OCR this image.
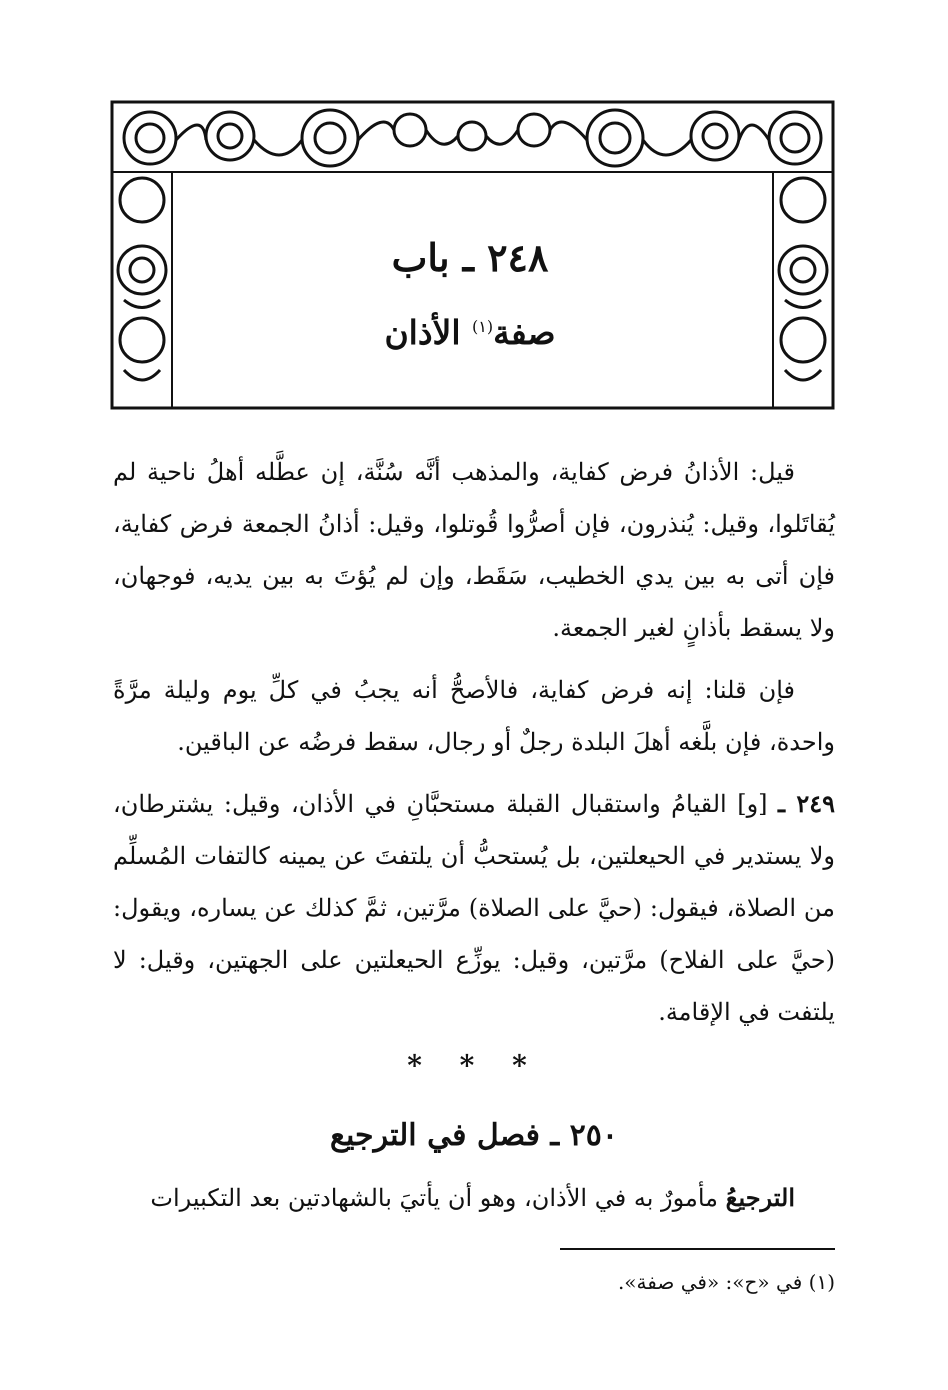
٢٤٨ ـ باب
صفة$^{(١)}$ الأذان

قيل: الأذانُ فرض كفاية، والمذهب أنَّه سُنَّة، إن عطَّله أهلُ ناحية لم يُقاتَلوا، وقيل: يُنذرون، فإن أصرُّوا قُوتلوا، وقيل: أذانُ الجمعة فرض كفاية، فإن أتى به بين يدي الخطيب، سَقَط، وإن لم يُؤتَ به بين يديه، فوجهان، ولا يسقط بأذانٍ لغير الجمعة.

فإن قلنا: إنه فرض كفاية، فالأصحُّ أنه يجبُ في كلِّ يوم وليلة مرَّةً واحدة، فإن بلَّغه أهلَ البلدة رجلٌ أو رجال، سقط فرضُه عن الباقين.

٢٤٩ ـ [و] القيامُ واستقبال القبلة مستحبَّانِ في الأذان، وقيل: يشترطان، ولا يستدير في الحيعلتين، بل يُستحبُّ أن يلتفتَ عن يمينه كالتفات المُسلِّم من الصلاة، فيقول: (حيَّ على الصلاة) مرَّتين، ثمَّ كذلك عن يساره، ويقول: (حيَّ على الفلاح) مرَّتين، وقيل: يوزِّع الحيعلتين على الجهتين، وقيل: لا يلتفت في الإقامة.

* * *
٢٥٠ ـ فصل في الترجيع
الترجيعُ مأمورٌ به في الأذان، وهو أن يأتيَ بالشهادتين بعد التكبيرات
(١) في «ح»: «في صفة».
